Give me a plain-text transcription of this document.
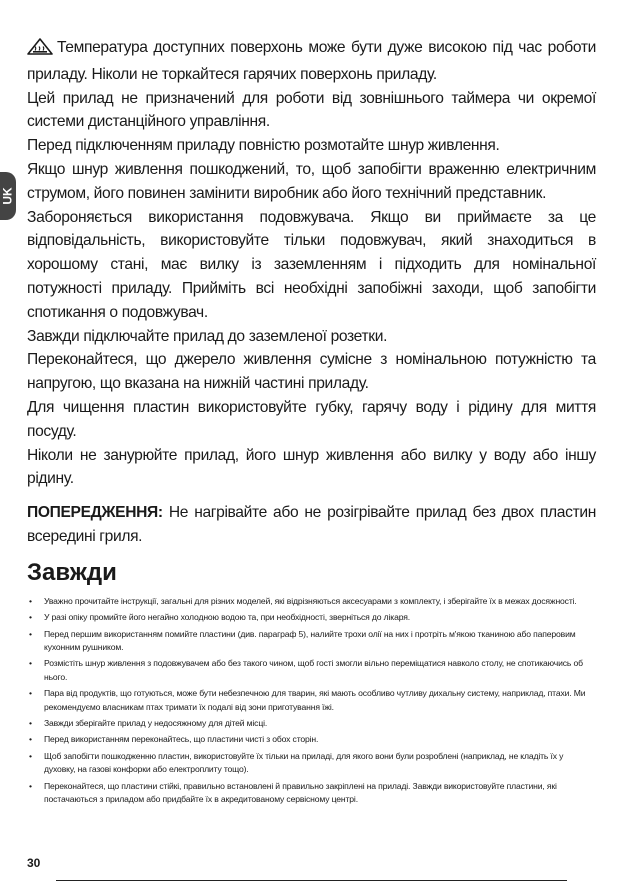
UK

Температура доступних поверхонь може бути дуже високою під час роботи приладу. Ніколи не торкайтеся гарячих поверхонь приладу.

Цей прилад не призначений для роботи від зовнішнього таймера чи окремої системи дистанційного управління.

Перед підключенням приладу повністю розмотайте шнур живлення.

Якщо шнур живлення пошкоджений, то, щоб запобігти враженню електричним струмом, його повинен замінити виробник або його технічний представник.

Забороняється використання подовжувача. Якщо ви приймаєте за це відповідальність, використовуйте тільки подовжувач, який знаходиться в хорошому стані, має вилку із заземленням і підходить для номінальної потужності приладу. Прийміть всі необхідні запобіжні заходи, щоб запобігти спотикання о подовжувач.

Завжди підключайте прилад до заземленої розетки.

Переконайтеся, що джерело живлення сумісне з номінальною потужністю та напругою, що вказана на нижній частині приладу.

Для чищення пластин використовуйте губку, гарячу воду і рідину для миття посуду.

Ніколи не занурюйте прилад, його шнур живлення або вилку у воду або іншу рідину.

ПОПЕРЕДЖЕННЯ: Не нагрівайте або не розігрівайте прилад без двох пластин всередині гриля.

Завжди
• Уважно прочитайте інструкції, загальні для різних моделей, які відрізняються аксесуарами з комплекту, і зберігайте їх в межах досяжності.
• У разі опіку промийте його негайно холодною водою та, при необхідності, зверніться до лікаря.
• Перед першим використанням помийте пластини (див. параграф 5), налийте трохи олії на них і протріть м'якою тканиною або паперовим кухонним рушником.
• Розмістіть шнур живлення з подовжувачем або без такого чином, щоб гості змогли вільно переміщатися навколо столу, не спотикаючись об нього.
• Пара від продуктів, що готуються, може бути небезпечною для тварин, які мають особливо чутливу дихальну систему, наприклад, птахи. Ми рекомендуємо власникам птах тримати їх подалі від зони приготування їжі.
• Завжди зберігайте прилад у недосяжному для дітей місці.
• Перед використанням переконайтесь, що пластини чисті з обох сторін.
• Щоб запобігти пошкодженню пластин, використовуйте їх тільки на приладі, для якого вони були розроблені (наприклад, не кладіть їх у духовку, на газові конфорки або електроплиту тощо).
• Переконайтеся, що пластини стійкі, правильно встановлені й правильно закріплені на приладі. Завжди використовуйте пластини, які постачаються з приладом або придбайте їх в акредитованому сервісному центрі.
30
